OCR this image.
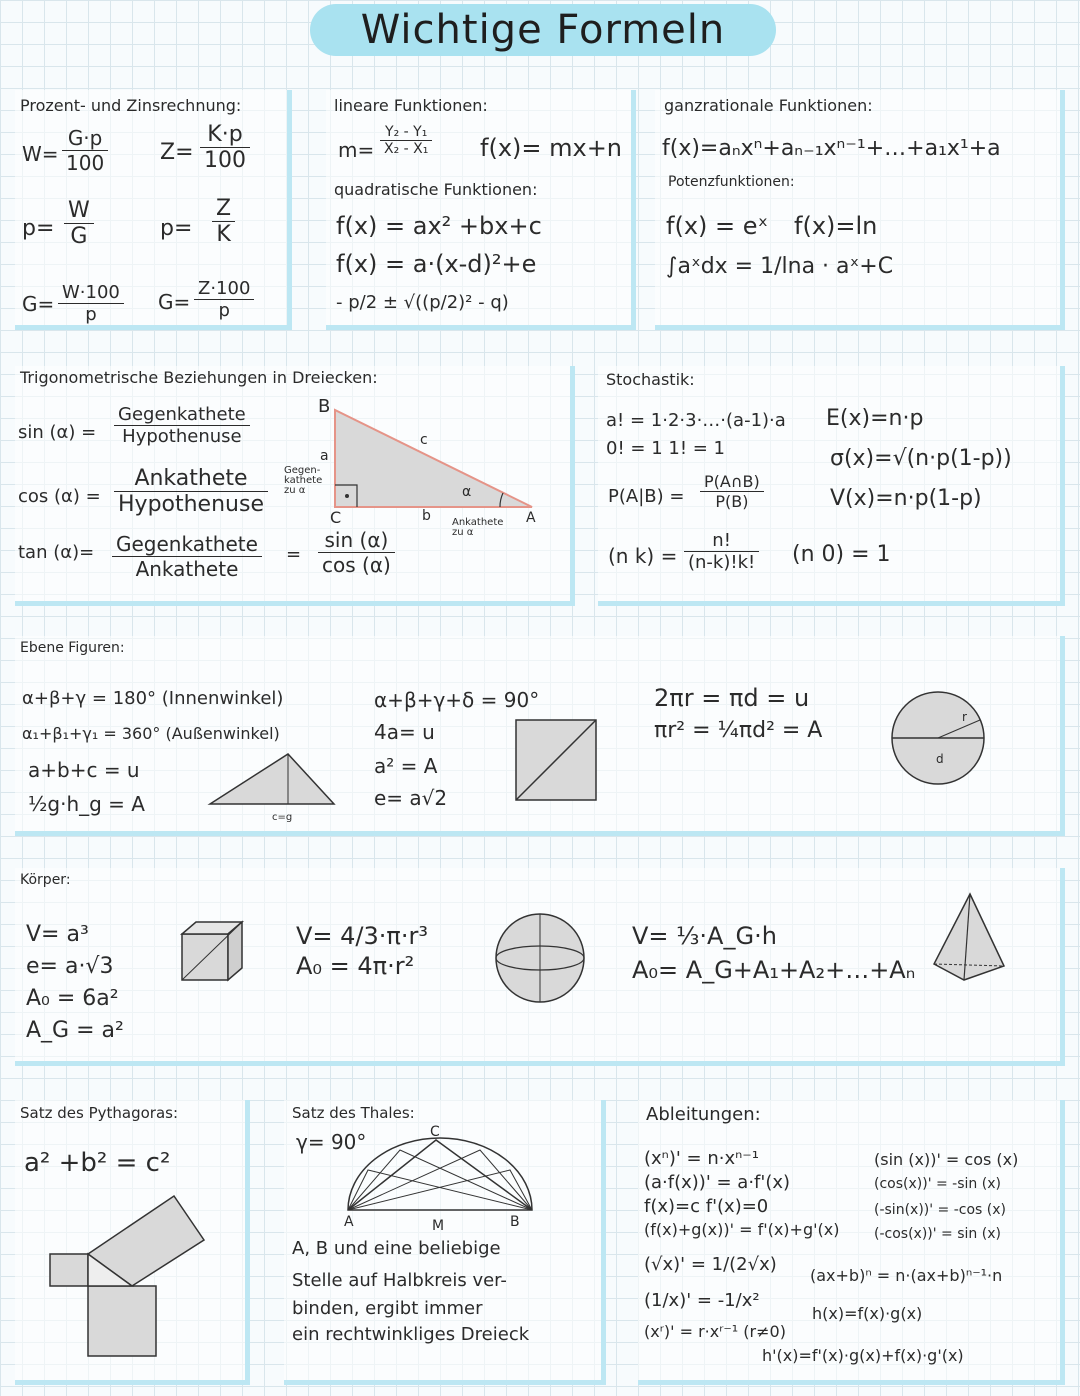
Wichtige Formeln
Prozent- und Zinsrechnung:
$W= \frac{G\cdot p}{100} Z= \frac{K\cdot p}{100}$
$p= \frac{W}{G}$	$p= \frac{Z}{K}$
$G= \frac{W\cdot 100}{p} G= \frac{Z\cdot 100}{p}$
lineare Funktionen:
$m= \frac{\text{Y₂ - Y₁}}{\text{X₂ - X₁}} f(x)= mx+n$
quadratische Funktionen:
f(x) = ax² +bx+c
f(x) = a·(x-d)²+e
- p/2 ± √((p/2)² - q)
ganzrationale Funktionen:
f(x)=aₙxⁿ+aₙ₋₁xⁿ⁻¹+…+a₁x¹+a
Potenzfunktionen:
f(x) = eˣ f(x)=ln
∫aˣdx = 1/lna · aˣ+C
Trigonometrische Beziehungen in Dreiecken:
sin (α) =
Gegenkathete
Hypothenuse
cos (α) =
Ankathete
Hypothenuse
tan (α)= Gegenkathete
Ankathete
= $\frac{\sin (\alpha)}{\cos (\alpha)}$
B
c
a
α
A
b
C
Gegen-kathete zu α
Ankathete zu α
Stochastik:
a! = 1·2·3·…·(a-1)·a
0! = 1 1! = 1
E(x)=n·p
σ(x)=√(n·p(1-p))
V(x)=n·p(1-p)
$P(A|B) = \frac{P(A\cap B)}{P(B)}$
(n $k) = \frac{n!}{(n-k)!k!} (n$ 0) = 1
Ebene Figuren:
α+β+γ = 180° (Innenwinkel)
α₁+β₁+γ₁ = 360° (Außenwinkel)
a+b+c = u
½g·h_g = A
c=g
α+β+γ+δ = 90°
4a= u
a² = A
e= a√2
2πr = πd = u
πr² = ¼πd² = A
d
r
Körper:
V= a³
e= a·√3
A₀ = 6a²
A_G = a²
V= 4/3·π·r³
A₀ = 4π·r²
V= ⅓·A_G·h
A₀= A_G+A₁+A₂+…+Aₙ
Satz des Pythagoras:
a² +b² = c²
Satz des Thales:
γ= 90°	C
A	M	B
A, B und eine beliebige
Stelle auf Halbkreis ver-
binden, ergibt immer
ein rechtwinkliges Dreieck
Ableitungen:
(xⁿ)' = n·xⁿ⁻¹
(a·f(x))' = a·f'(x)
f(x)=c f'(x)=0
(f(x)+g(x))' = f'(x)+g'(x)
(√x)' = 1/(2√x)
(1/x)' = -1/x²
(xʳ)' = r·xʳ⁻¹ (r≠0)
(sin (x))' = cos (x)
(cos(x))' = -sin (x)
(-sin(x))' = -cos (x)
(-cos(x))' = sin (x)
(ax+b)ⁿ = n·(ax+b)ⁿ⁻¹·n
h(x)=f(x)·g(x)
h'(x)=f'(x)·g(x)+f(x)·g'(x)
